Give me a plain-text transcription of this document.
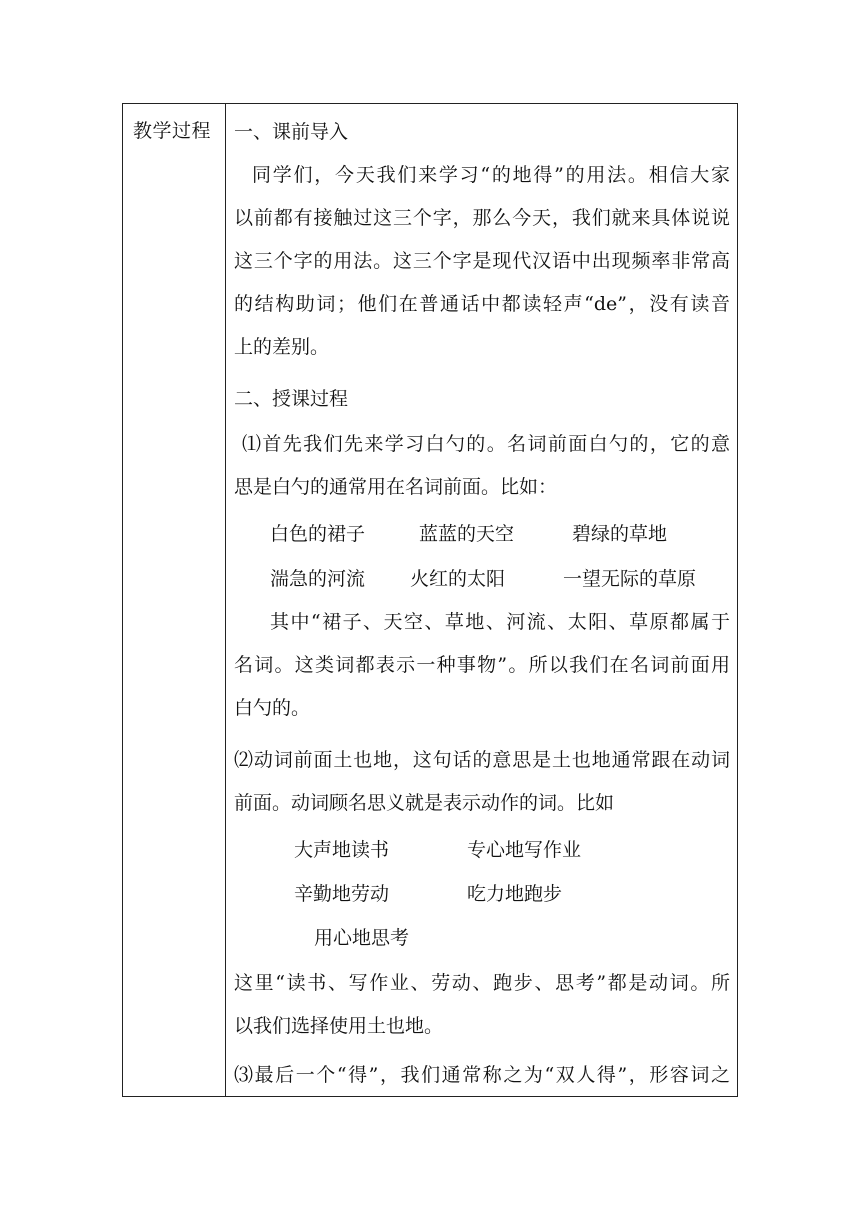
教学过程 一、课前导入
同学们，今天我们来学习“的地得”的用法。相信大家
以前都有接触过这三个字，那么今天，我们就来具体说说
这三个字的用法。这三个字是现代汉语中出现频率非常高
的结构助词；他们在普通话中都读轻声“de”，没有读音
上的差别。
二、授课过程
⑴首先我们先来学习白勺的。名词前面白勺的，它的意
思是白勺的通常用在名词前面。比如：
白色的裙子	蓝蓝的天空	碧绿的草地
湍急的河流 火红的太阳	一望无际的草原
其中“裙子、天空、草地、河流、太阳、草原都属于
名词。这类词都表示一种事物”。所以我们在名词前面用
白勺的。
⑵动词前面土也地，这句话的意思是土也地通常跟在动词
前面。动词顾名思义就是表示动作的词。比如
大声地读书	专心地写作业
辛勤地劳动	吃力地跑步
用心地思考
这里“读书、写作业、劳动、跑步、思考”都是动词。所
以我们选择使用土也地。
⑶最后一个“得”，我们通常称之为“双人得”，形容词之
